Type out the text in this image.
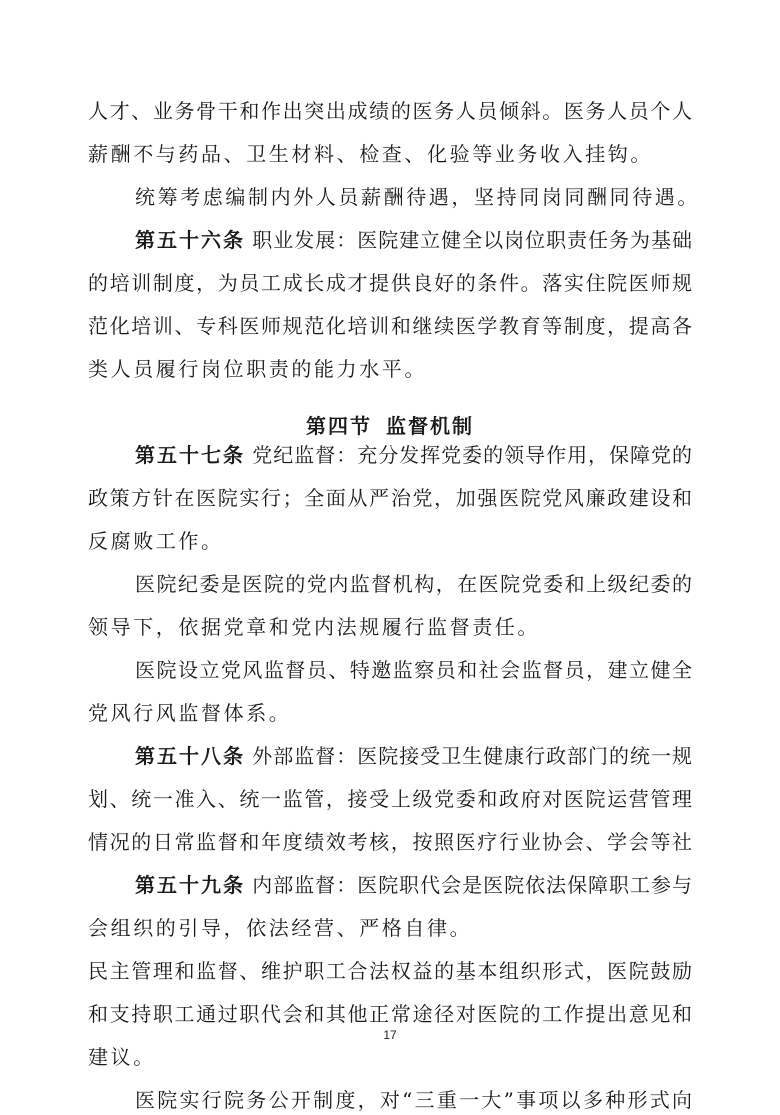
人才、业务骨干和作出突出成绩的医务人员倾斜。医务人员个人
薪酬不与药品、卫生材料、检查、化验等业务收入挂钩。
统筹考虑编制内外人员薪酬待遇，坚持同岗同酬同待遇。
第五十六条 职业发展：医院建立健全以岗位职责任务为基础
的培训制度，为员工成长成才提供良好的条件。落实住院医师规
范化培训、专科医师规范化培训和继续医学教育等制度，提高各
类人员履行岗位职责的能力水平。
第四节 监督机制
第五十七条 党纪监督：充分发挥党委的领导作用，保障党的
政策方针在医院实行；全面从严治党，加强医院党风廉政建设和
反腐败工作。
医院纪委是医院的党内监督机构，在医院党委和上级纪委的
领导下，依据党章和党内法规履行监督责任。
医院设立党风监督员、特邀监察员和社会监督员，建立健全
党风行风监督体系。
第五十八条 外部监督：医院接受卫生健康行政部门的统一规
划、统一准入、统一监管，接受上级党委和政府对医院运营管理
情况的日常监督和年度绩效考核，按照医疗行业协会、学会等社
会组织的引导，依法经营、严格自律。
第五十九条 内部监督：医院职代会是医院依法保障职工参与
民主管理和监督、维护职工合法权益的基本组织形式，医院鼓励
和支持职工通过职代会和其他正常途径对医院的工作提出意见和
17
建议。
医院实行院务公开制度，对“三重一大”事项以多种形式向
